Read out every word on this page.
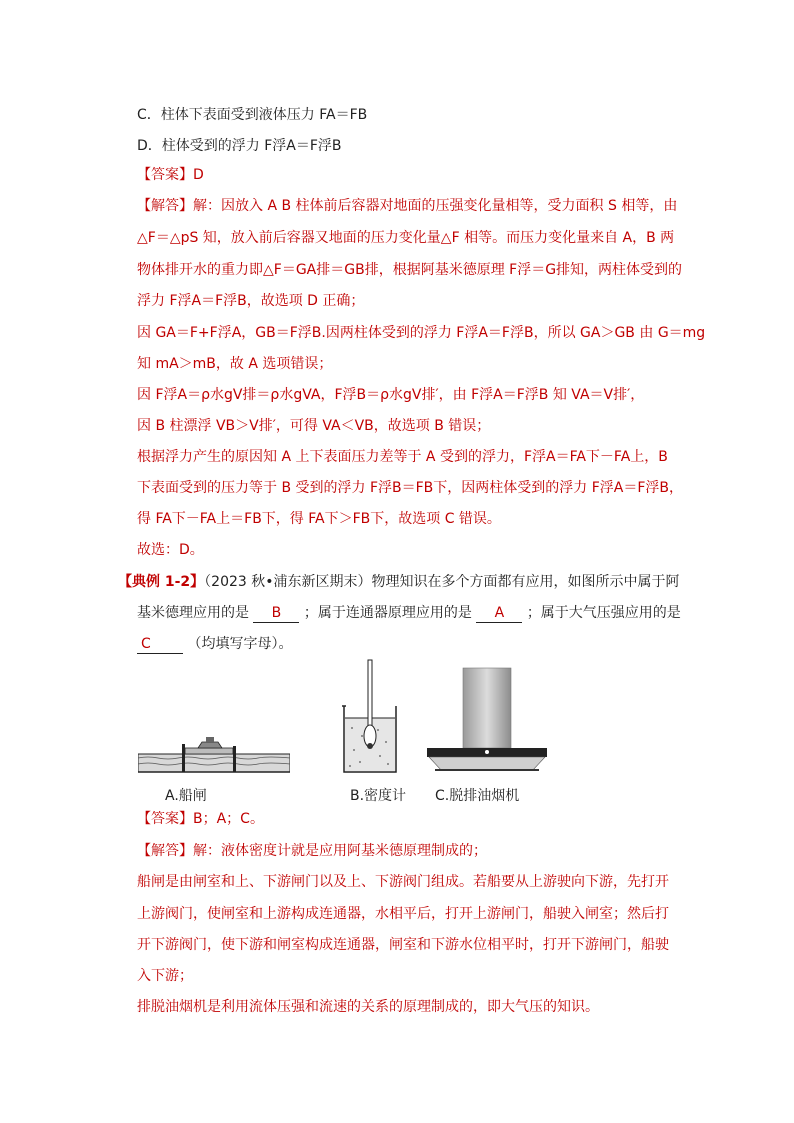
C．柱体下表面受到液体压力 FA＝FB
D．柱体受到的浮力 F浮A＝F浮B
【答案】D
【解答】解：因放入 A B 柱体前后容器对地面的压强变化量相等，受力面积 S 相等，由
△F＝△pS 知，放入前后容器又地面的压力变化量△F 相等。而压力变化量来自 A，B 两
物体排开水的重力即△F＝GA排＝GB排，根据阿基米德原理 F浮＝G排知，两柱体受到的
浮力 F浮A＝F浮B，故选项 D 正确；
因 GA＝F+F浮A，GB＝F浮B.因两柱体受到的浮力 F浮A＝F浮B，所以 GA＞GB 由 G＝mg
知 mA＞mB，故 A 选项错误；
因 F浮A＝ρ水gV排＝ρ水gVA，F浮B＝ρ水gV排′，由 F浮A＝F浮B 知 VA＝V排′，
因 B 柱漂浮 VB＞V排′，可得 VA＜VB，故选项 B 错误；
根据浮力产生的原因知 A 上下表面压力差等于 A 受到的浮力，F浮A＝FA下－FA上，B
下表面受到的压力等于 B 受到的浮力 F浮B＝FB下，因两柱体受到的浮力 F浮A＝F浮B，
得 FA下－FA上＝FB下，得 FA下＞FB下，故选项 C 错误。
故选：D。
【典例 1-2】（2023 秋•浦东新区期末）物理知识在多个方面都有应用，如图所示中属于阿
基米德理应用的是 B ；属于连通器原理应用的是 A ；属于大气压强应用的是
C	（均填写字母）。
A.船闸	B.密度计 C.脱排油烟机
【答案】B；A；C。
【解答】解：液体密度计就是应用阿基米德原理制成的；
船闸是由闸室和上、下游闸门以及上、下游阀门组成。若船要从上游驶向下游，先打开
上游阀门，使闸室和上游构成连通器，水相平后，打开上游闸门，船驶入闸室；然后打
开下游阀门，使下游和闸室构成连通器，闸室和下游水位相平时，打开下游闸门，船驶
入下游；
排脱油烟机是利用流体压强和流速的关系的原理制成的，即大气压的知识。
